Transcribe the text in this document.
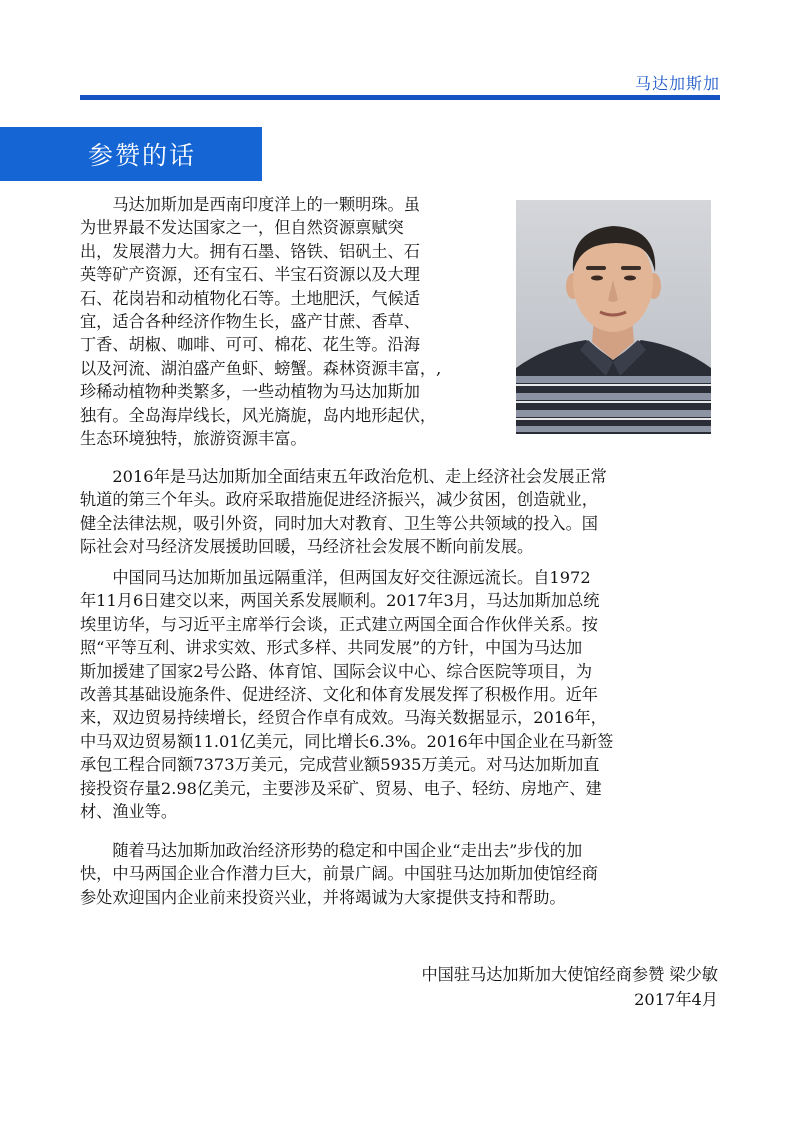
马达加斯加
参赞的话

　　马达加斯加是西南印度洋上的一颗明珠。虽
为世界最不发达国家之一，但自然资源禀赋突
出，发展潜力大。拥有石墨、铬铁、铝矾土、石
英等矿产资源，还有宝石、半宝石资源以及大理
石、花岗岩和动植物化石等。土地肥沃，气候适
宜，适合各种经济作物生长，盛产甘蔗、香草、
丁香、胡椒、咖啡、可可、棉花、花生等。沿海
以及河流、湖泊盛产鱼虾、螃蟹。森林资源丰富，,
珍稀动植物种类繁多，一些动植物为马达加斯加
独有。全岛海岸线长，风光旖旎，岛内地形起伏，
生态环境独特，旅游资源丰富。

　　2016年是马达加斯加全面结束五年政治危机、走上经济社会发展正常
轨道的第三个年头。政府采取措施促进经济振兴，减少贫困，创造就业，
健全法律法规，吸引外资，同时加大对教育、卫生等公共领域的投入。国
际社会对马经济发展援助回暖，马经济社会发展不断向前发展。

　　中国同马达加斯加虽远隔重洋，但两国友好交往源远流长。自1972
年11月6日建交以来，两国关系发展顺利。2017年3月，马达加斯加总统
埃里访华，与习近平主席举行会谈，正式建立两国全面合作伙伴关系。按
照“平等互利、讲求实效、形式多样、共同发展”的方针，中国为马达加
斯加援建了国家2号公路、体育馆、国际会议中心、综合医院等项目，为
改善其基础设施条件、促进经济、文化和体育发展发挥了积极作用。近年
来，双边贸易持续增长，经贸合作卓有成效。马海关数据显示，2016年，
中马双边贸易额11.01亿美元，同比增长6.3%。2016年中国企业在马新签
承包工程合同额7373万美元，完成营业额5935万美元。对马达加斯加直
接投资存量2.98亿美元，主要涉及采矿、贸易、电子、轻纺、房地产、建
材、渔业等。

　　随着马达加斯加政治经济形势的稳定和中国企业“走出去”步伐的加
快，中马两国企业合作潜力巨大，前景广阔。中国驻马达加斯加使馆经商
参处欢迎国内企业前来投资兴业，并将竭诚为大家提供支持和帮助。

中国驻马达加斯加大使馆经商参赞 梁少敏
2017年4月
